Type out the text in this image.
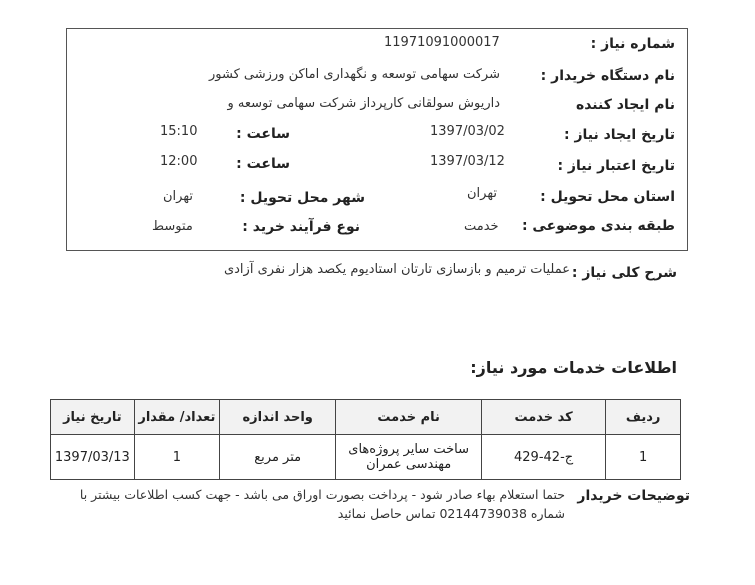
شماره نیاز :
11971091000017
نام دستگاه خریدار :
شرکت سهامی توسعه و نگهداری اماکن ورزشی کشور
نام ایجاد کننده
داریوش سولقانی کارپرداز شرکت سهامی توسعه و
تاریخ ایجاد نیاز :
1397/03/02
ساعت :
15:10
تاریخ اعتبار نیاز :
1397/03/12
ساعت :
12:00
استان محل تحویل :
تهران
شهر محل تحویل :
تهران
طبقه بندی موضوعی :
خدمت
نوع فرآیند خرید :
متوسط
شرح کلی نیاز :
عملیات ترمیم و بازسازی تارتان استادیوم یکصد هزار نفری آزادی
اطلاعات خدمات مورد نیاز:
ردیف	کد خدمت	نام خدمت	واحد اندازه	تعداد/ مقدار	تاریخ نیاز
1	ج-42-429	ساخت سایر پروژه‌های مهندسی عمران	متر مربع	1	1397/03/13
توضیحات خریدار
حتما استعلام بهاء صادر شود - پرداخت بصورت اوراق می باشد - جهت کسب اطلاعات بیشتر با
شماره 02144739038 تماس حاصل نمائید
